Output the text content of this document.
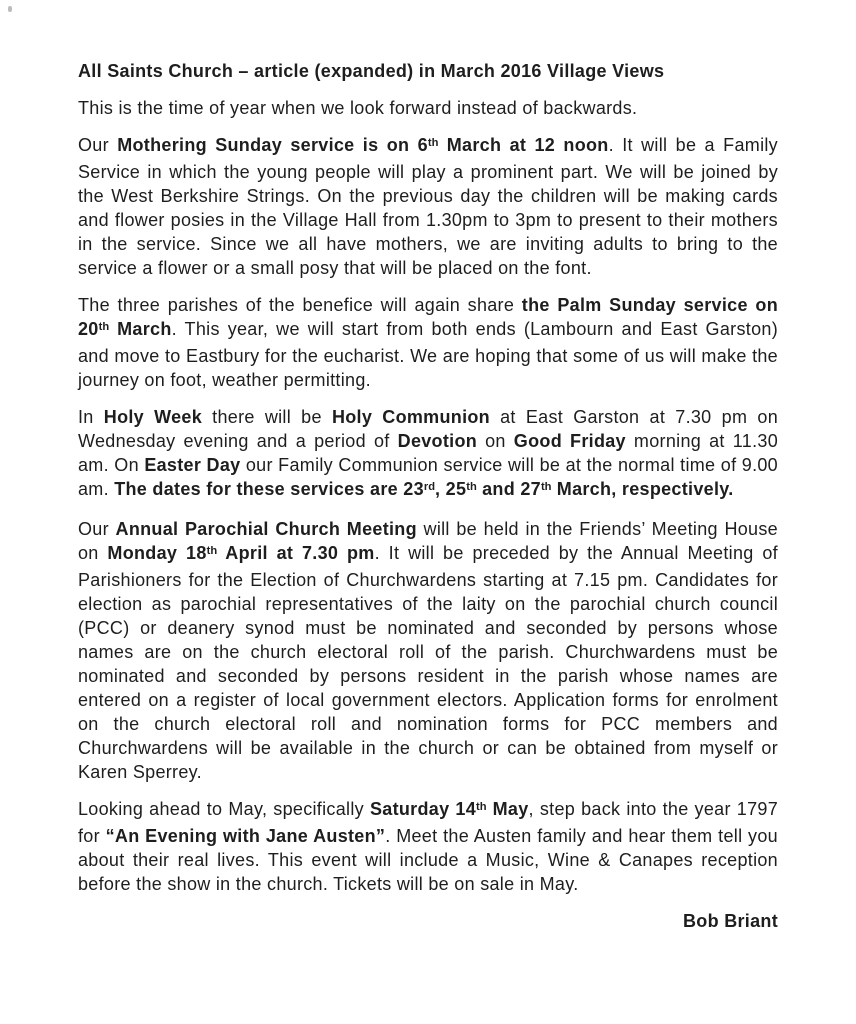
All Saints Church – article (expanded) in March 2016 Village Views

This is the time of year when we look forward instead of backwards.

Our Mothering Sunday service is on 6th March at 12 noon. It will be a Family Service in which the young people will play a prominent part. We will be joined by the West Berkshire Strings. On the previous day the children will be making cards and flower posies in the Village Hall from 1.30pm to 3pm to present to their mothers in the service. Since we all have mothers, we are inviting adults to bring to the service a flower or a small posy that will be placed on the font.

The three parishes of the benefice will again share the Palm Sunday service on 20th March. This year, we will start from both ends (Lambourn and East Garston) and move to Eastbury for the eucharist. We are hoping that some of us will make the journey on foot, weather permitting.

In Holy Week there will be Holy Communion at East Garston at 7.30 pm on Wednesday evening and a period of Devotion on Good Friday morning at 11.30 am. On Easter Day our Family Communion service will be at the normal time of 9.00 am. The dates for these services are 23rd, 25th and 27th March, respectively.

Our Annual Parochial Church Meeting will be held in the Friends’ Meeting House on Monday 18th April at 7.30 pm. It will be preceded by the Annual Meeting of Parishioners for the Election of Churchwardens starting at 7.15 pm. Candidates for election as parochial representatives of the laity on the parochial church council (PCC) or deanery synod must be nominated and seconded by persons whose names are on the church electoral roll of the parish. Churchwardens must be nominated and seconded by persons resident in the parish whose names are entered on a register of local government electors. Application forms for enrolment on the church electoral roll and nomination forms for PCC members and Churchwardens will be available in the church or can be obtained from myself or Karen Sperrey.

Looking ahead to May, specifically Saturday 14th May, step back into the year 1797 for “An Evening with Jane Austen”. Meet the Austen family and hear them tell you about their real lives. This event will include a Music, Wine & Canapes reception before the show in the church. Tickets will be on sale in May.

Bob Briant
